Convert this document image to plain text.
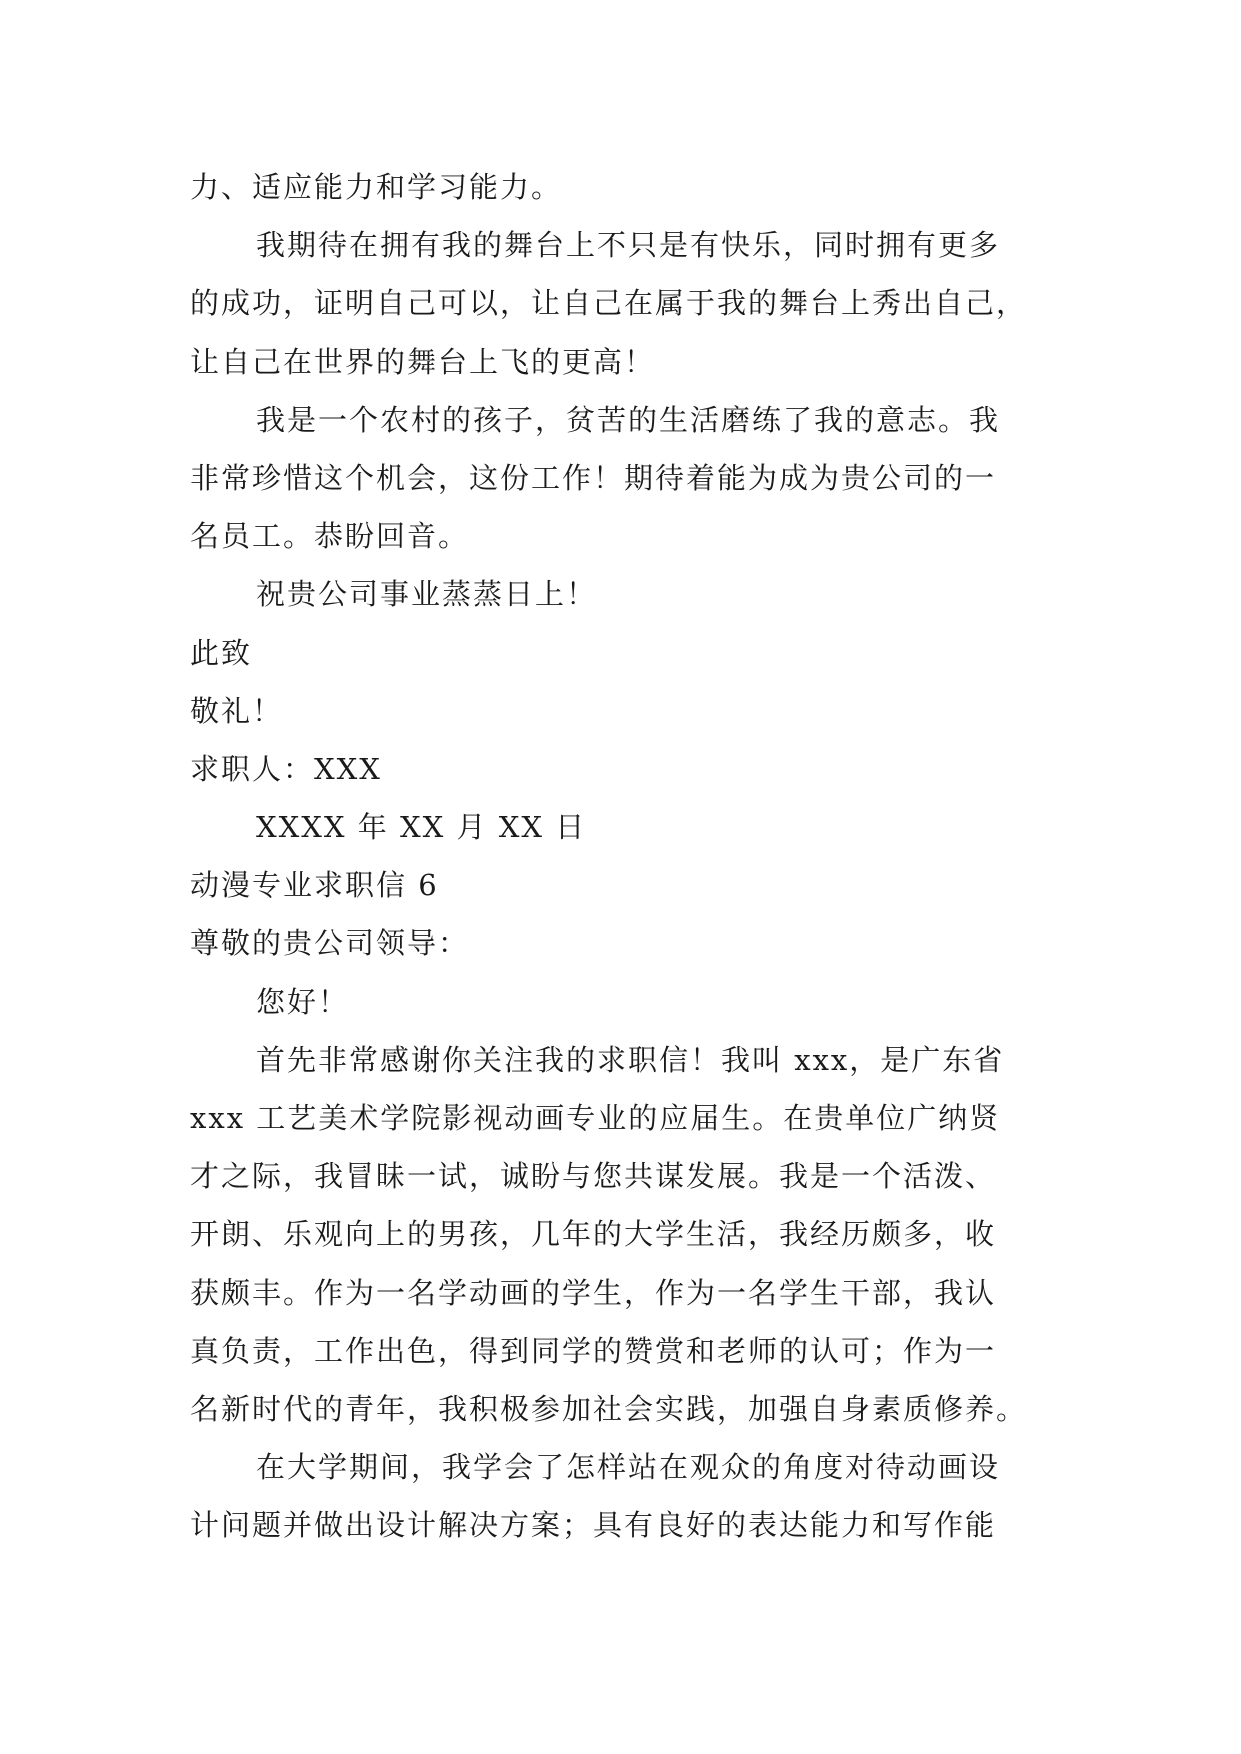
力、适应能力和学习能力。
我期待在拥有我的舞台上不只是有快乐，同时拥有更多
的成功，证明自己可以，让自己在属于我的舞台上秀出自己，
让自己在世界的舞台上飞的更高！
我是一个农村的孩子，贫苦的生活磨练了我的意志。我
非常珍惜这个机会，这份工作！期待着能为成为贵公司的一
名员工。恭盼回音。
祝贵公司事业蒸蒸日上！
此致
敬礼！
求职人：XXX
XXXX 年 XX 月 XX 日
动漫专业求职信 6
尊敬的贵公司领导：
您好！
首先非常感谢你关注我的求职信！我叫 xxx，是广东省
xxx 工艺美术学院影视动画专业的应届生。在贵单位广纳贤
才之际，我冒昧一试，诚盼与您共谋发展。我是一个活泼、
开朗、乐观向上的男孩，几年的大学生活，我经历颇多，收
获颇丰。作为一名学动画的学生，作为一名学生干部，我认
真负责，工作出色，得到同学的赞赏和老师的认可；作为一
名新时代的青年，我积极参加社会实践，加强自身素质修养。
在大学期间，我学会了怎样站在观众的角度对待动画设
计问题并做出设计解决方案；具有良好的表达能力和写作能
